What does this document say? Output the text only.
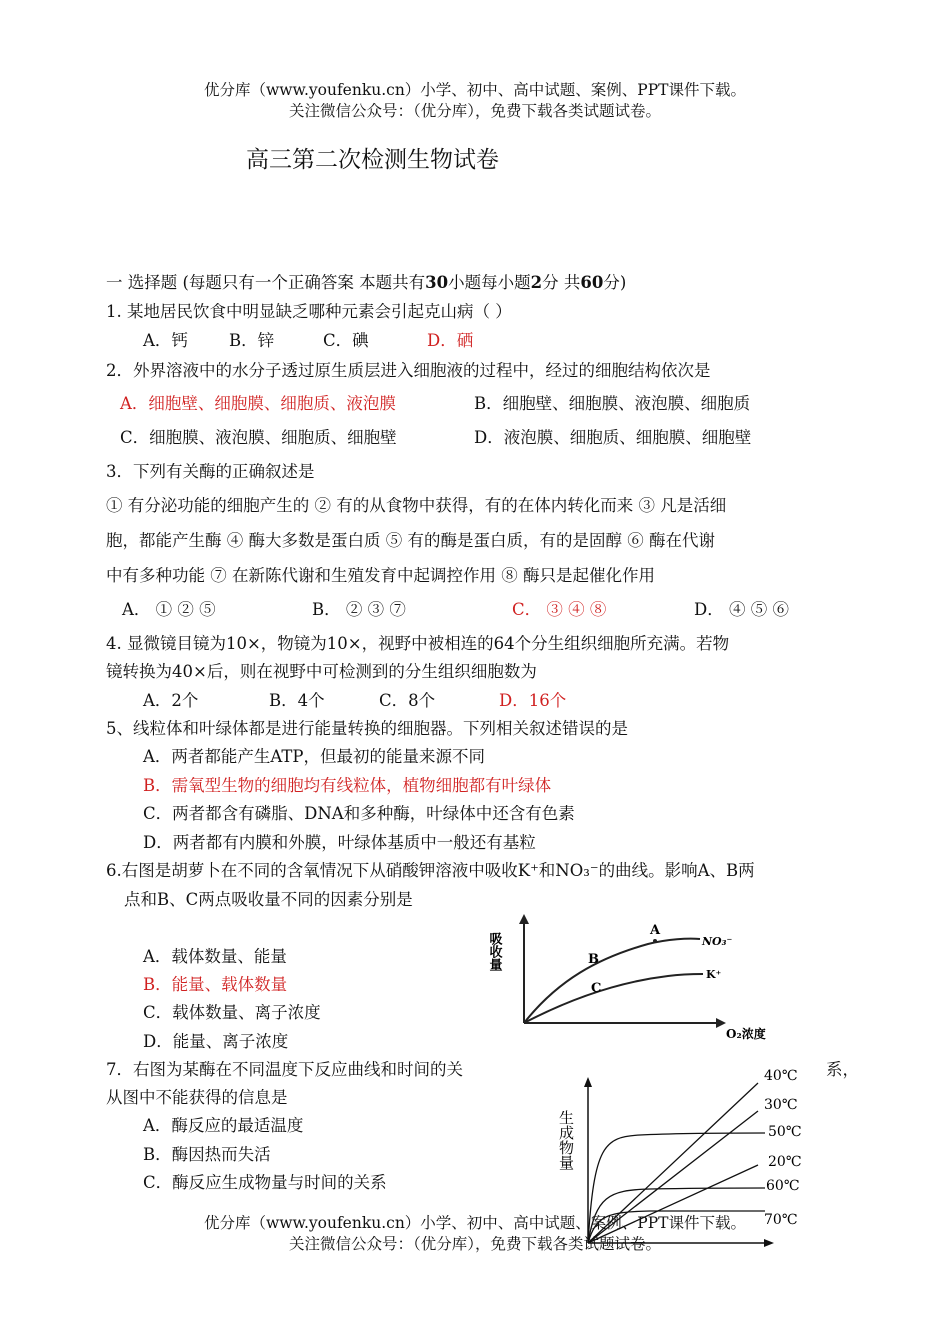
优分库（www.youfenku.cn）小学、初中、高中试题、案例、PPT课件下载。
关注微信公众号：（优分库），免费下载各类试题试卷。
高三第二次检测生物试卷
一 选择题 (每题只有一个正确答案 本题共有30小题每小题2分 共60分)
1. 某地居民饮食中明显缺乏哪种元素会引起克山病（ ）
A．钙 B．锌	C．碘	D．硒
2．外界溶液中的水分子透过原生质层进入细胞液的过程中，经过的细胞结构依次是
A．细胞壁、细胞膜、细胞质、液泡膜	B．细胞壁、细胞膜、液泡膜、细胞质
C．细胞膜、液泡膜、细胞质、细胞壁	D．液泡膜、细胞质、细胞膜、细胞壁
3．下列有关酶的正确叙述是
① 有分泌功能的细胞产生的 ② 有的从食物中获得，有的在体内转化而来 ③ 凡是活细
胞，都能产生酶 ④ 酶大多数是蛋白质 ⑤ 有的酶是蛋白质，有的是固醇 ⑥ 酶在代谢
中有多种功能 ⑦ 在新陈代谢和生殖发育中起调控作用 ⑧ 酶只是起催化作用
A． ① ② ⑤	B． ② ③ ⑦	C． ③ ④ ⑧	D． ④ ⑤ ⑥
4. 显微镜目镜为10×，物镜为10×，视野中被相连的64个分生组织细胞所充满。若物
镜转换为40×后，则在视野中可检测到的分生组织细胞数为
A．2个	B．4个	C．8个	D．16个
5、线粒体和叶绿体都是进行能量转换的细胞器。下列相关叙述错误的是
A．两者都能产生ATP，但最初的能量来源不同
B．需氧型生物的细胞均有线粒体，植物细胞都有叶绿体
C．两者都含有磷脂、DNA和多种酶，叶绿体中还含有色素
D．两者都有内膜和外膜，叶绿体基质中一般还有基粒
6.右图是胡萝卜在不同的含氧情况下从硝酸钾溶液中吸收K⁺和NO₃⁻的曲线。影响A、B两
点和B、C两点吸收量不同的因素分别是
A．载体数量、能量
B．能量、载体数量
C．载体数量、离子浓度
D．能量、离子浓度
吸收量
O₂浓度
A
B
C
NO₃⁻
K⁺
7．右图为某酶在不同温度下反应曲线和时间的关	系，
从图中不能获得的信息是
A．酶反应的最适温度
B．酶因热而失活
C．酶反应生成物量与时间的关系
生成物量
40℃
30℃
50℃
20℃
60℃
70℃
优分库（www.youfenku.cn）小学、初中、高中试题、案例、PPT课件下载。
关注微信公众号：（优分库），免费下载各类试题试卷。
